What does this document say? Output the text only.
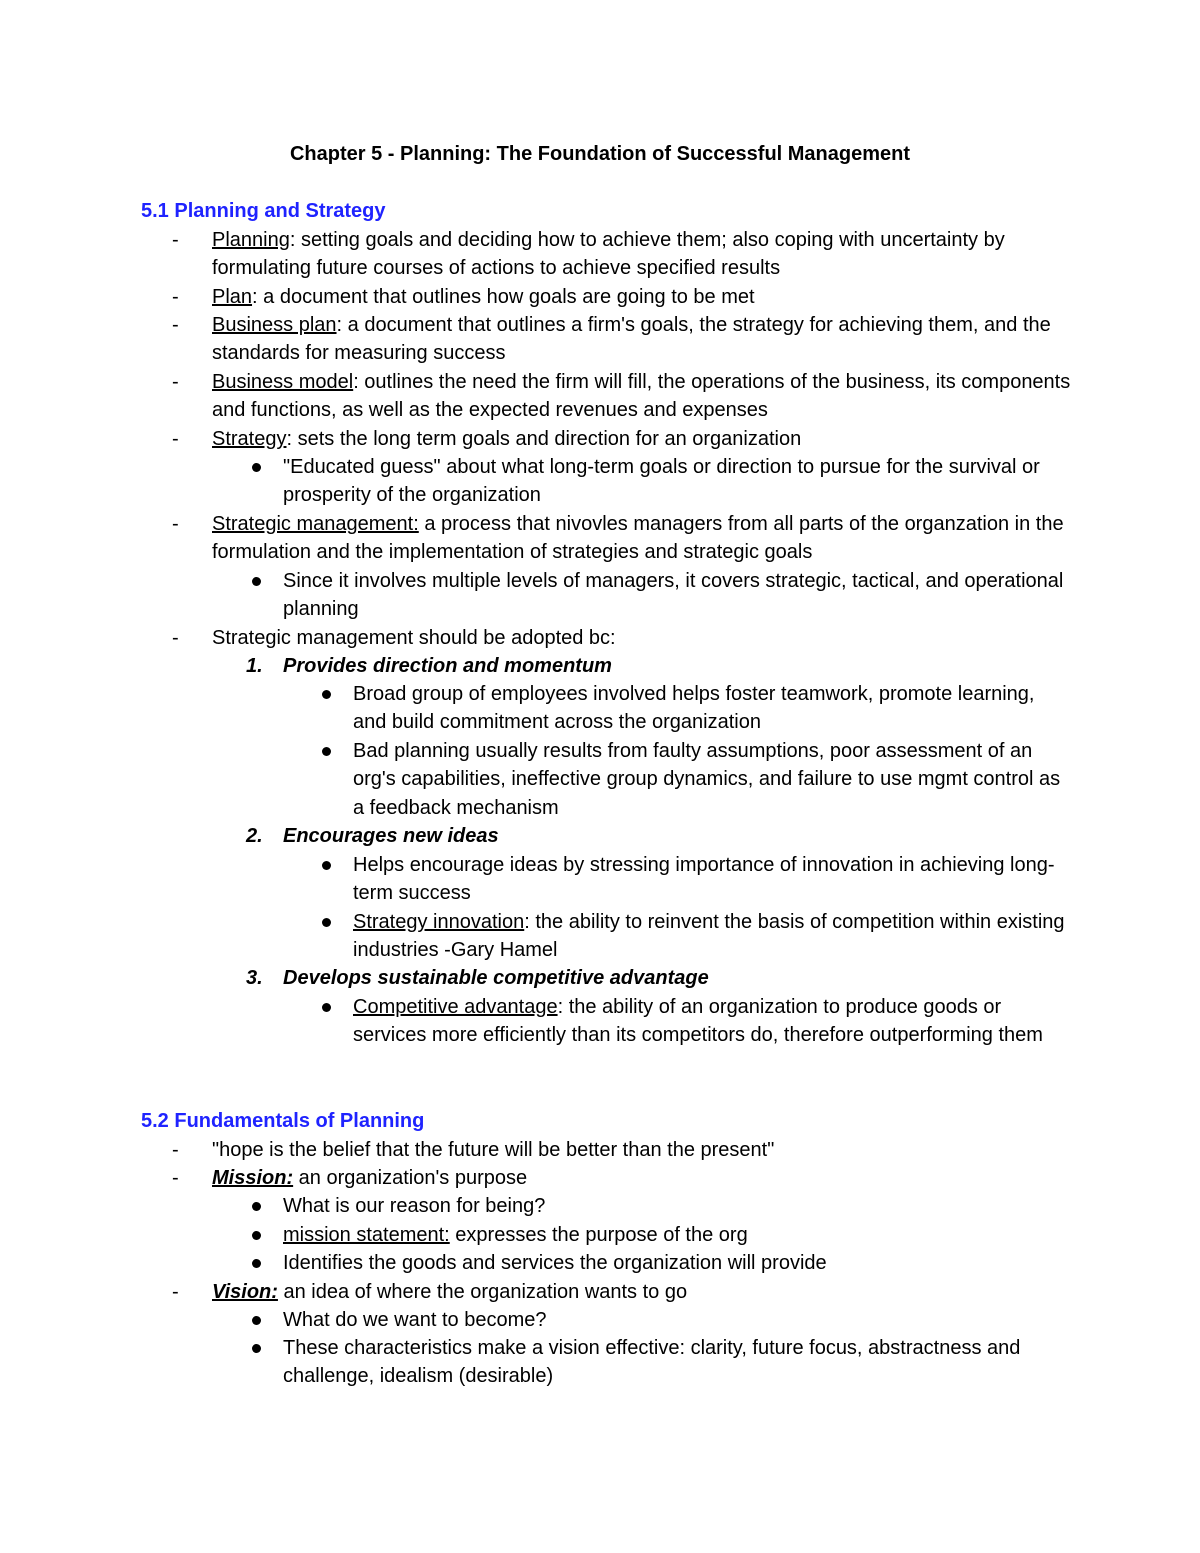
Chapter 5 - Planning: The Foundation of Successful Management
5.1 Planning and Strategy
-	Planning: setting goals and deciding how to achieve them; also coping with uncertainty by formulating future courses of actions to achieve specified results
-	Plan: a document that outlines how goals are going to be met
-	Business plan: a document that outlines a firm's goals, the strategy for achieving them, and the standards for measuring success
-	Business model: outlines the need the firm will fill, the operations of the business, its components and functions, as well as the expected revenues and expenses
-	Strategy: sets the long term goals and direction for an organization
"Educated guess" about what long-term goals or direction to pursue for the survival or prosperity of the organization
-	Strategic management: a process that nivovles managers from all parts of the organzation in the formulation and the implementation of strategies and strategic goals
Since it involves multiple levels of managers, it covers strategic, tactical, and operational planning
-	Strategic management should be adopted bc:
1. Provides direction and momentum
Broad group of employees involved helps foster teamwork, promote learning, and build commitment across the organization
Bad planning usually results from faulty assumptions, poor assessment of an org's capabilities, ineffective group dynamics, and failure to use mgmt control as a feedback mechanism
2. Encourages new ideas
Helps encourage ideas by stressing importance of innovation in achieving long-term success
Strategy innovation: the ability to reinvent the basis of competition within existing industries -Gary Hamel
3. Develops sustainable competitive advantage
Competitive advantage: the ability of an organization to produce goods or services more efficiently than its competitors do, therefore outperforming them
5.2 Fundamentals of Planning
-	"hope is the belief that the future will be better than the present"
-	Mission: an organization's purpose
What is our reason for being?
mission statement: expresses the purpose of the org
Identifies the goods and services the organization will provide
-	Vision: an idea of where the organization wants to go
What do we want to become?
These characteristics make a vision effective: clarity, future focus, abstractness and challenge, idealism (desirable)
